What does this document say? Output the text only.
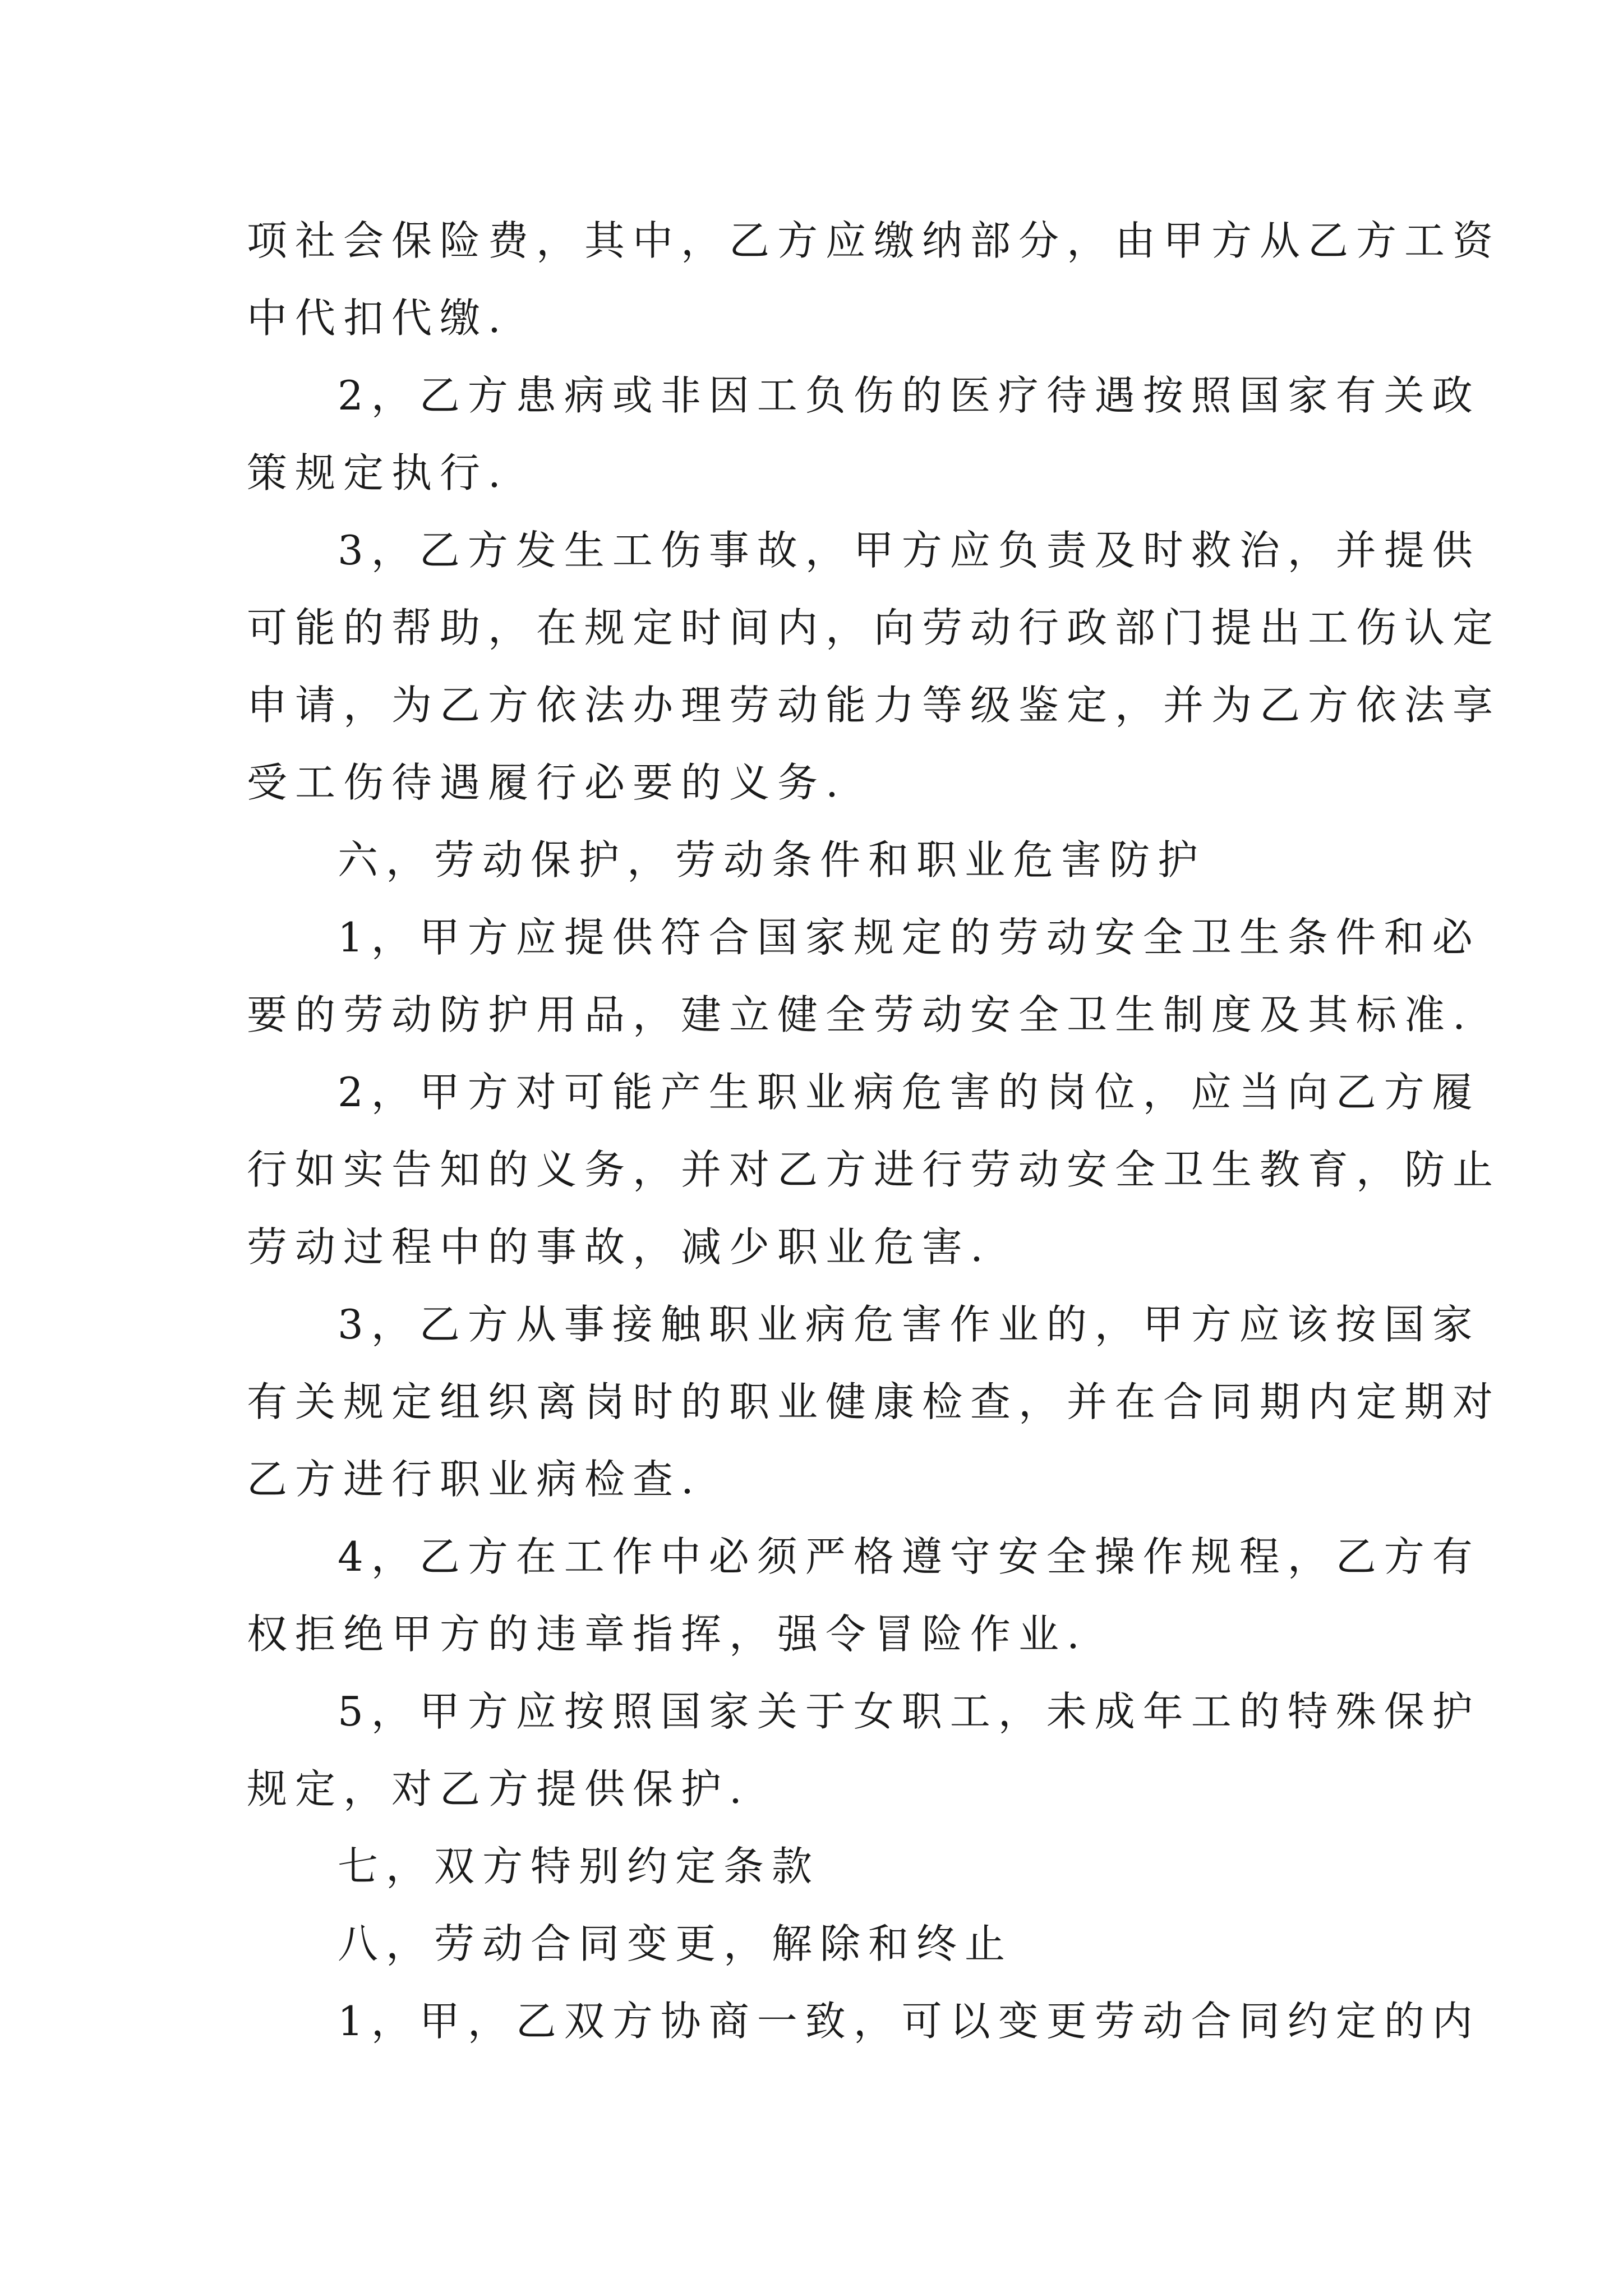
项社会保险费，其中，乙方应缴纳部分，由甲方从乙方工资
中代扣代缴.
2，乙方患病或非因工负伤的医疗待遇按照国家有关政
策规定执行.
3，乙方发生工伤事故，甲方应负责及时救治，并提供
可能的帮助，在规定时间内，向劳动行政部门提出工伤认定
申请，为乙方依法办理劳动能力等级鉴定，并为乙方依法享
受工伤待遇履行必要的义务.
六，劳动保护，劳动条件和职业危害防护
1，甲方应提供符合国家规定的劳动安全卫生条件和必
要的劳动防护用品，建立健全劳动安全卫生制度及其标准.
2，甲方对可能产生职业病危害的岗位，应当向乙方履
行如实告知的义务，并对乙方进行劳动安全卫生教育，防止
劳动过程中的事故，减少职业危害.
3，乙方从事接触职业病危害作业的，甲方应该按国家
有关规定组织离岗时的职业健康检查，并在合同期内定期对
乙方进行职业病检查.
4，乙方在工作中必须严格遵守安全操作规程，乙方有
权拒绝甲方的违章指挥，强令冒险作业.
5，甲方应按照国家关于女职工，未成年工的特殊保护
规定，对乙方提供保护.
七，双方特别约定条款
八，劳动合同变更，解除和终止
1，甲，乙双方协商一致，可以变更劳动合同约定的内
